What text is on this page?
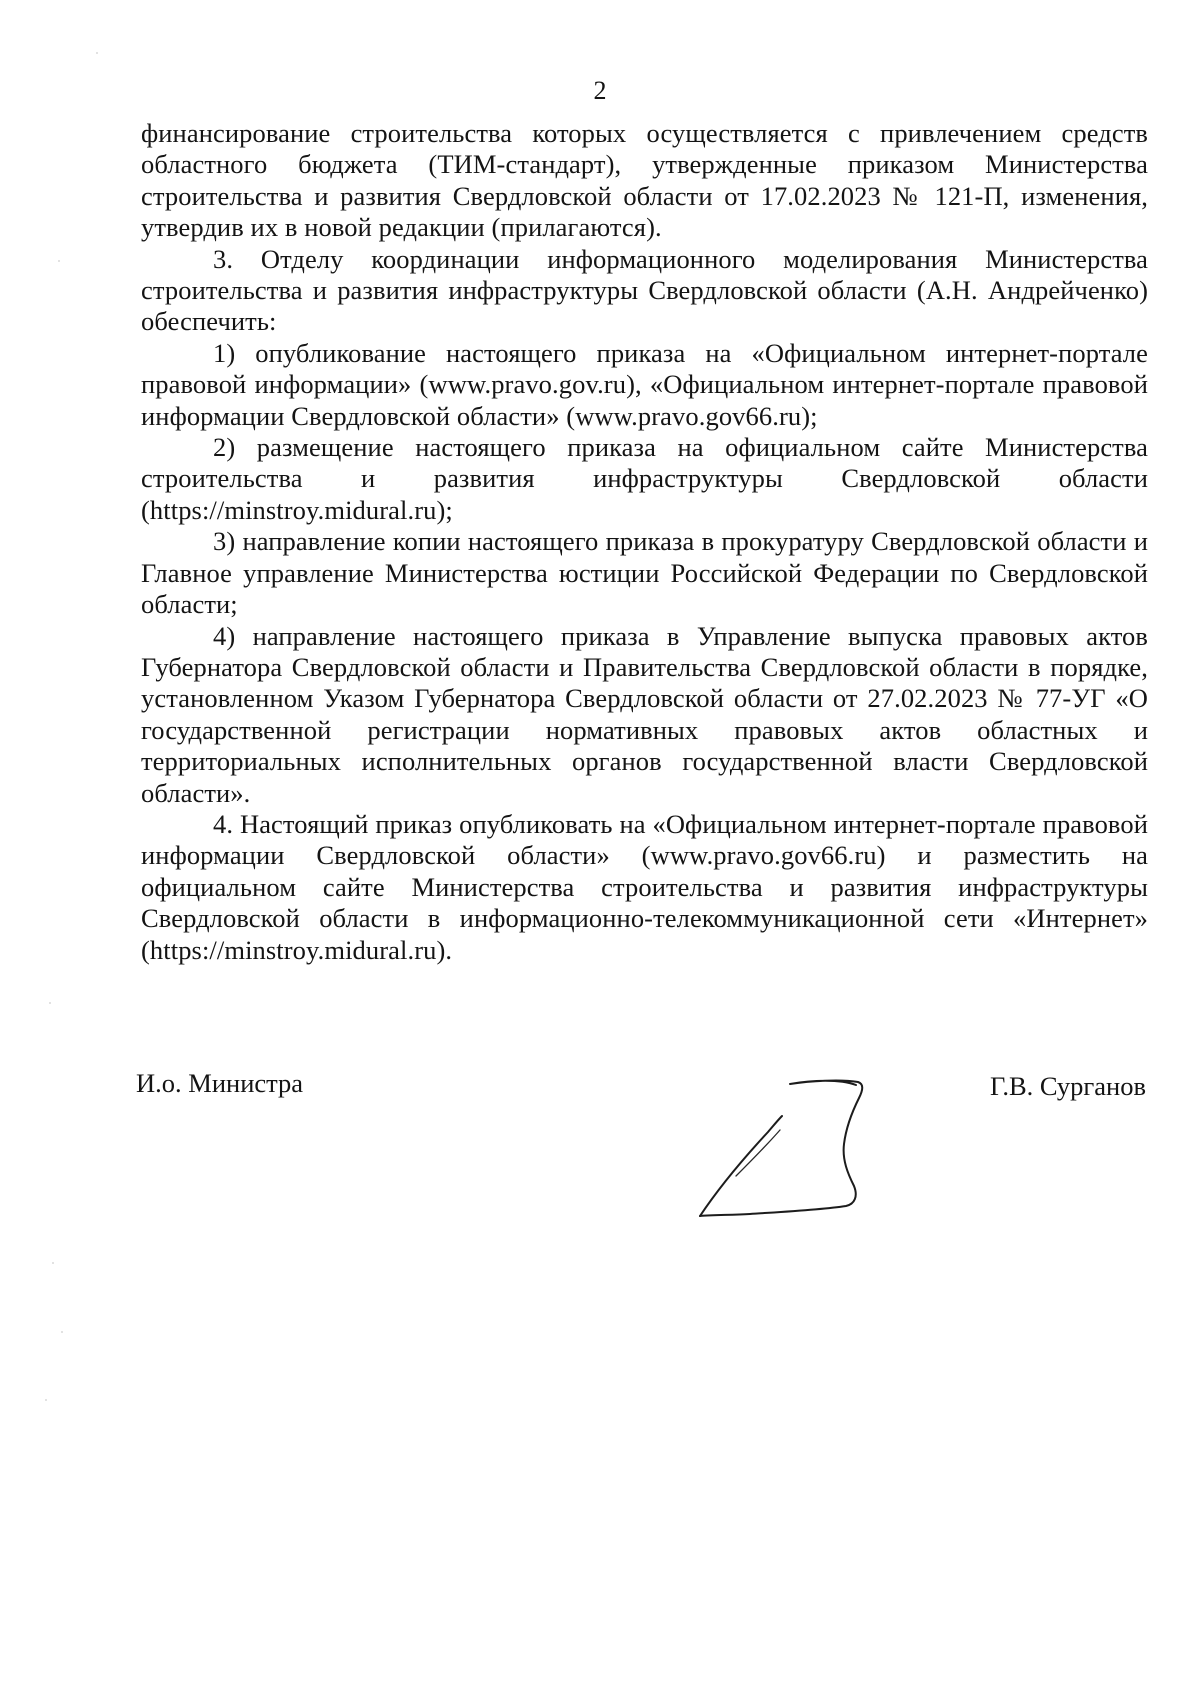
2

финансирование строительства которых осуществляется с привлечением средств областного бюджета (ТИМ-стандарт), утвержденные приказом Министерства строительства и развития Свердловской области от 17.02.2023 № 121-П, изменения, утвердив их в новой редакции (прилагаются).

3. Отделу координации информационного моделирования Министерства строительства и развития инфраструктуры Свердловской области (А.Н. Андрейченко) обеспечить:

1) опубликование настоящего приказа на «Официальном интернет-портале правовой информации» (www.pravo.gov.ru), «Официальном интернет-портале правовой информации Свердловской области» (www.pravo.gov66.ru);

2) размещение настоящего приказа на официальном сайте Министерства строительства и развития инфраструктуры Свердловской области (https://minstroy.midural.ru);

3) направление копии настоящего приказа в прокуратуру Свердловской области и Главное управление Министерства юстиции Российской Федерации по Свердловской области;

4) направление настоящего приказа в Управление выпуска правовых актов Губернатора Свердловской области и Правительства Свердловской области в порядке, установленном Указом Губернатора Свердловской области от 27.02.2023 № 77-УГ «О государственной регистрации нормативных правовых актов областных и территориальных исполнительных органов государственной власти Свердловской области».

4. Настоящий приказ опубликовать на «Официальном интернет-портале правовой информации Свердловской области» (www.pravo.gov66.ru) и разместить на официальном сайте Министерства строительства и развития инфраструктуры Свердловской области в информационно-телекоммуникационной сети «Интернет» (https://minstroy.midural.ru).

И.о. Министра	Г.В. Сурганов
